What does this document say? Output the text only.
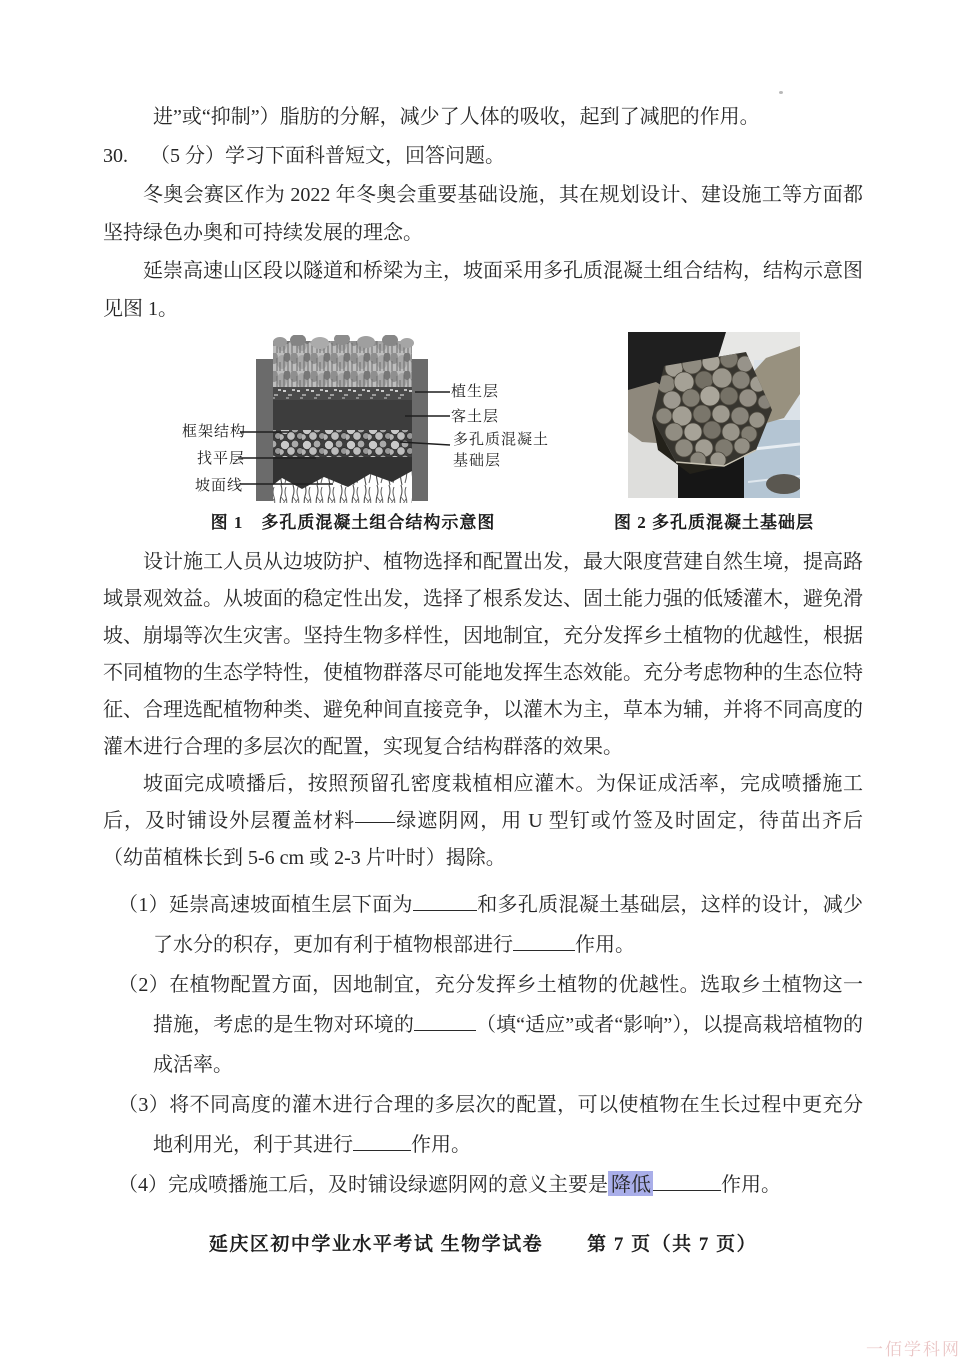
进”或“抑制”）脂肪的分解，减少了人体的吸收，起到了减肥的作用。

30. （5 分）学习下面科普短文，回答问题。

冬奥会赛区作为 2022 年冬奥会重要基础设施，其在规划设计、建设施工等方面都坚持绿色办奥和可持续发展的理念。

延崇高速山区段以隧道和桥梁为主，坡面采用多孔质混凝土组合结构，结构示意图见图 1。

框架结构
找平层
坡面线
植生层
客土层
多孔质混凝土
基础层
图 1　多孔质混凝土组合结构示意图	图 2 多孔质混凝土基础层

设计施工人员从边坡防护、植物选择和配置出发，最大限度营建自然生境，提高路域景观效益。从坡面的稳定性出发，选择了根系发达、固土能力强的低矮灌木，避免滑坡、崩塌等次生灾害。坚持生物多样性，因地制宜，充分发挥乡土植物的优越性，根据不同植物的生态学特性，使植物群落尽可能地发挥生态效能。充分考虑物种的生态位特征、合理选配植物种类、避免种间直接竞争，以灌木为主，草本为辅，并将不同高度的灌木进行合理的多层次的配置，实现复合结构群落的效果。

坡面完成喷播后，按照预留孔密度栽植相应灌木。为保证成活率，完成喷播施工后，及时铺设外层覆盖材料——绿遮阴网，用 U 型钉或竹签及时固定，待苗出齐后（幼苗植株长到 5-6 cm 或 2-3 片叶时）揭除。

（1）延崇高速坡面植生层下面为	和多孔质混凝土基础层，这样的设计，减少了水分的积存，更加有利于植物根部进行	作用。
（2）在植物配置方面，因地制宜，充分发挥乡土植物的优越性。选取乡土植物这一措施，考虑的是生物对环境的	（填“适应”或者“影响”），以提高栽培植物的成活率。
（3）将不同高度的灌木进行合理的多层次的配置，可以使植物在生长过程中更充分地利用光，利于其进行	作用。
（4）完成喷播施工后，及时铺设绿遮阴网的意义主要是 降低	作用。
延庆区初中学业水平考试 生物学试卷 第 7 页（共 7 页）
一佰学科网
